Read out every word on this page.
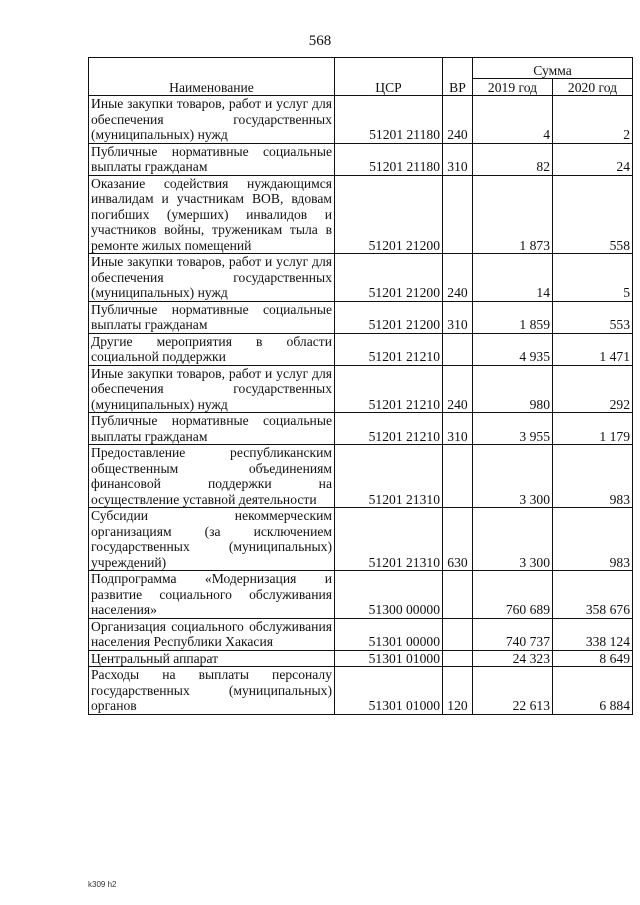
568
Наименование	ЦСР	ВР	Сумма	
			2019 год	2020 год
Иные закупки товаров, работ и услуг для обеспечения государственных (муниципальных) нужд	51201 21180	240	4	2
Публичные нормативные социальные выплаты гражданам	51201 21180	310	82	24
Оказание содействия нуждающимся инвалидам и участникам ВОВ, вдовам погибших (умерших) инвалидов и участников войны, труженикам тыла в ремонте жилых помещений	51201 21200		1 873	558
Иные закупки товаров, работ и услуг для обеспечения государственных (муниципальных) нужд	51201 21200	240	14	5
Публичные нормативные социальные выплаты гражданам	51201 21200	310	1 859	553
Другие мероприятия в области социальной поддержки	51201 21210		4 935	1 471
Иные закупки товаров, работ и услуг для обеспечения государственных (муниципальных) нужд	51201 21210	240	980	292
Публичные нормативные социальные выплаты гражданам	51201 21210	310	3 955	1 179
Предоставление республиканским общественным объединениям финансовой поддержки на осуществление уставной деятельности	51201 21310		3 300	983
Субсидии некоммерческим организациям (за исключением государственных (муниципальных) учреждений)	51201 21310	630	3 300	983
Подпрограмма «Модернизация и развитие социального обслуживания населения»	51300 00000		760 689	358 676
Организация социального обслуживания населения Республики Хакасия	51301 00000		740 737	338 124
Центральный аппарат	51301 01000		24 323	8 649
Расходы на выплаты персоналу государственных (муниципальных) органов	51301 01000	120	22 613	6 884
k309 h2
